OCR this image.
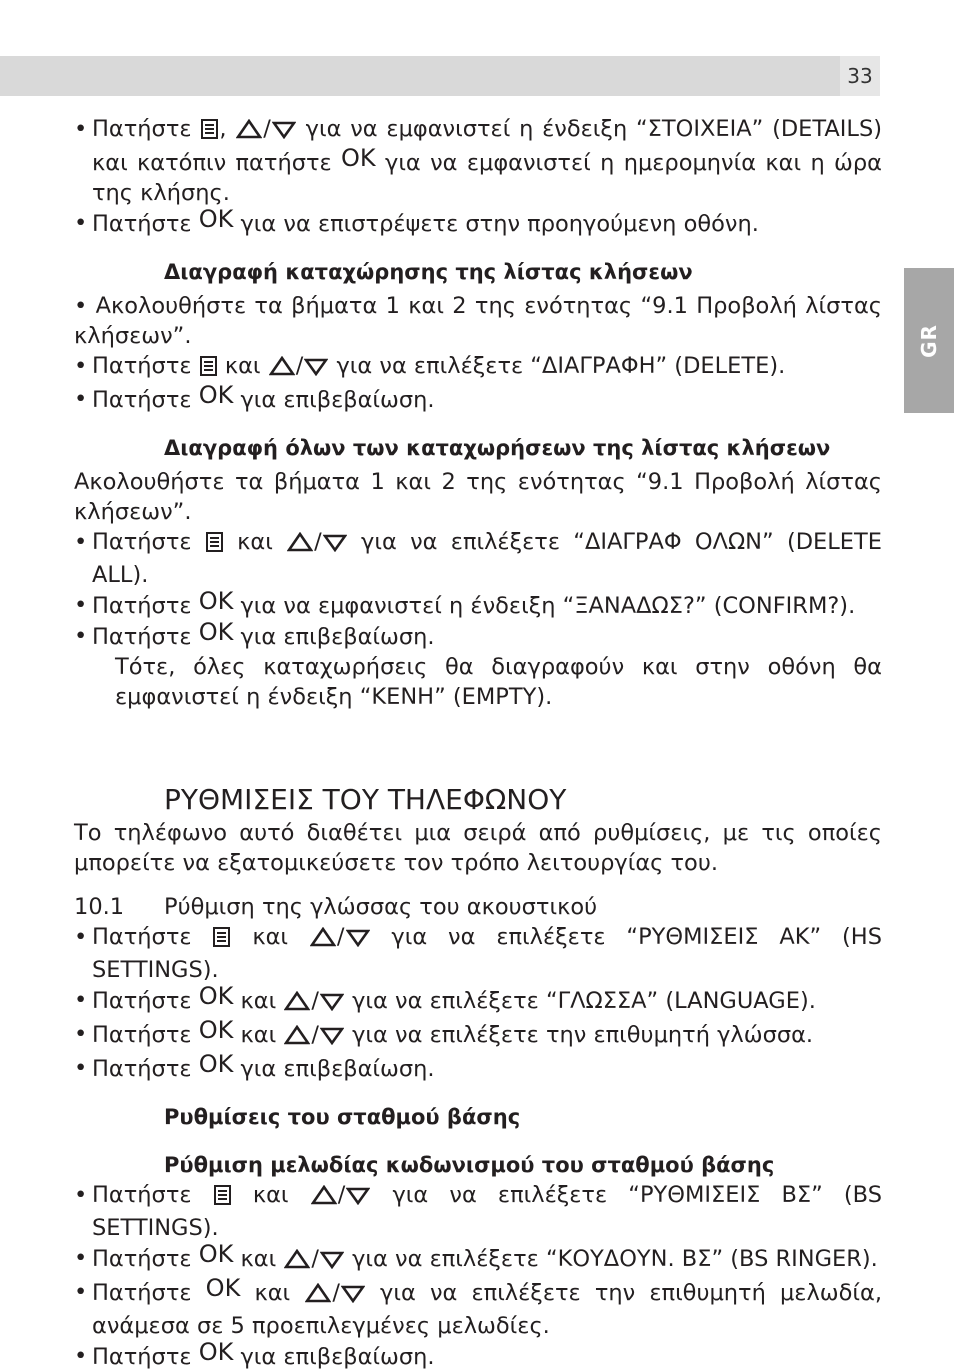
33
GR

• Πατήστε , / για να εμφανιστεί η ένδειξη “ΣΤΟΙΧΕΙΑ” (DETAILS) και κατόπιν πατήστε OK για να εμφανιστεί η ημερομηνία και η ώρα της κλήσης.

• Πατήστε OK για να επιστρέψετε στην προηγούμενη οθόνη.

Διαγραφή καταχώρησης της λίστας κλήσεων

• Ακολουθήστε τα βήματα 1 και 2 της ενότητας “9.1 Προβολή λίστας κλήσεων”.

• Πατήστε και / για να επιλέξετε “ΔΙΑΓΡΑΦΗ” (DELETE).

• Πατήστε OK για επιβεβαίωση.

Διαγραφή όλων των καταχωρήσεων της λίστας κλήσεων

Ακολουθήστε τα βήματα 1 και 2 της ενότητας “9.1 Προβολή λίστας κλήσεων”.

• Πατήστε και / για να επιλέξετε “ΔΙΑΓΡΑΦ ΟΛΩΝ” (DELETE ALL).

• Πατήστε OK για να εμφανιστεί η ένδειξη “ΞΑΝΑΔΩΣ?” (CONFIRM?).

• Πατήστε OK για επιβεβαίωση.

Τότε, όλες καταχωρήσεις θα διαγραφούν και στην οθόνη θα εμφανιστεί η ένδειξη “ΚΕΝΗ” (EMPTY).

ΡΥΘΜΙΣΕΙΣ ΤΟΥ ΤΗΛΕΦΩΝΟΥ

Το τηλέφωνο αυτό διαθέτει μια σειρά από ρυθμίσεις, με τις οποίες μπορείτε να εξατομικεύσετε τον τρόπο λειτουργίας του.

10.1	Ρύθμιση της γλώσσας του ακουστικού

• Πατήστε	και / για να επιλέξετε “ΡΥΘΜΙΣΕΙΣ ΑΚ” (HS SETTINGS).

• Πατήστε OK και / για να επιλέξετε “ΓΛΩΣΣΑ” (LANGUAGE).

• Πατήστε OK και / για να επιλέξετε την επιθυμητή γλώσσα.

• Πατήστε OK για επιβεβαίωση.

Ρυθμίσεις του σταθμού βάσης

Ρύθμιση μελωδίας κωδωνισμού του σταθμού βάσης

• Πατήστε	και / για να επιλέξετε “ΡΥΘΜΙΣΕΙΣ ΒΣ” (BS SETTINGS).

• Πατήστε OK και / για να επιλέξετε “ΚΟΥΔΟΥΝ. ΒΣ” (BS RINGER).

• Πατήστε OK και / για να επιλέξετε την επιθυμητή μελωδία, ανάμεσα σε 5 προεπιλεγμένες μελωδίες.

• Πατήστε OK για επιβεβαίωση.
